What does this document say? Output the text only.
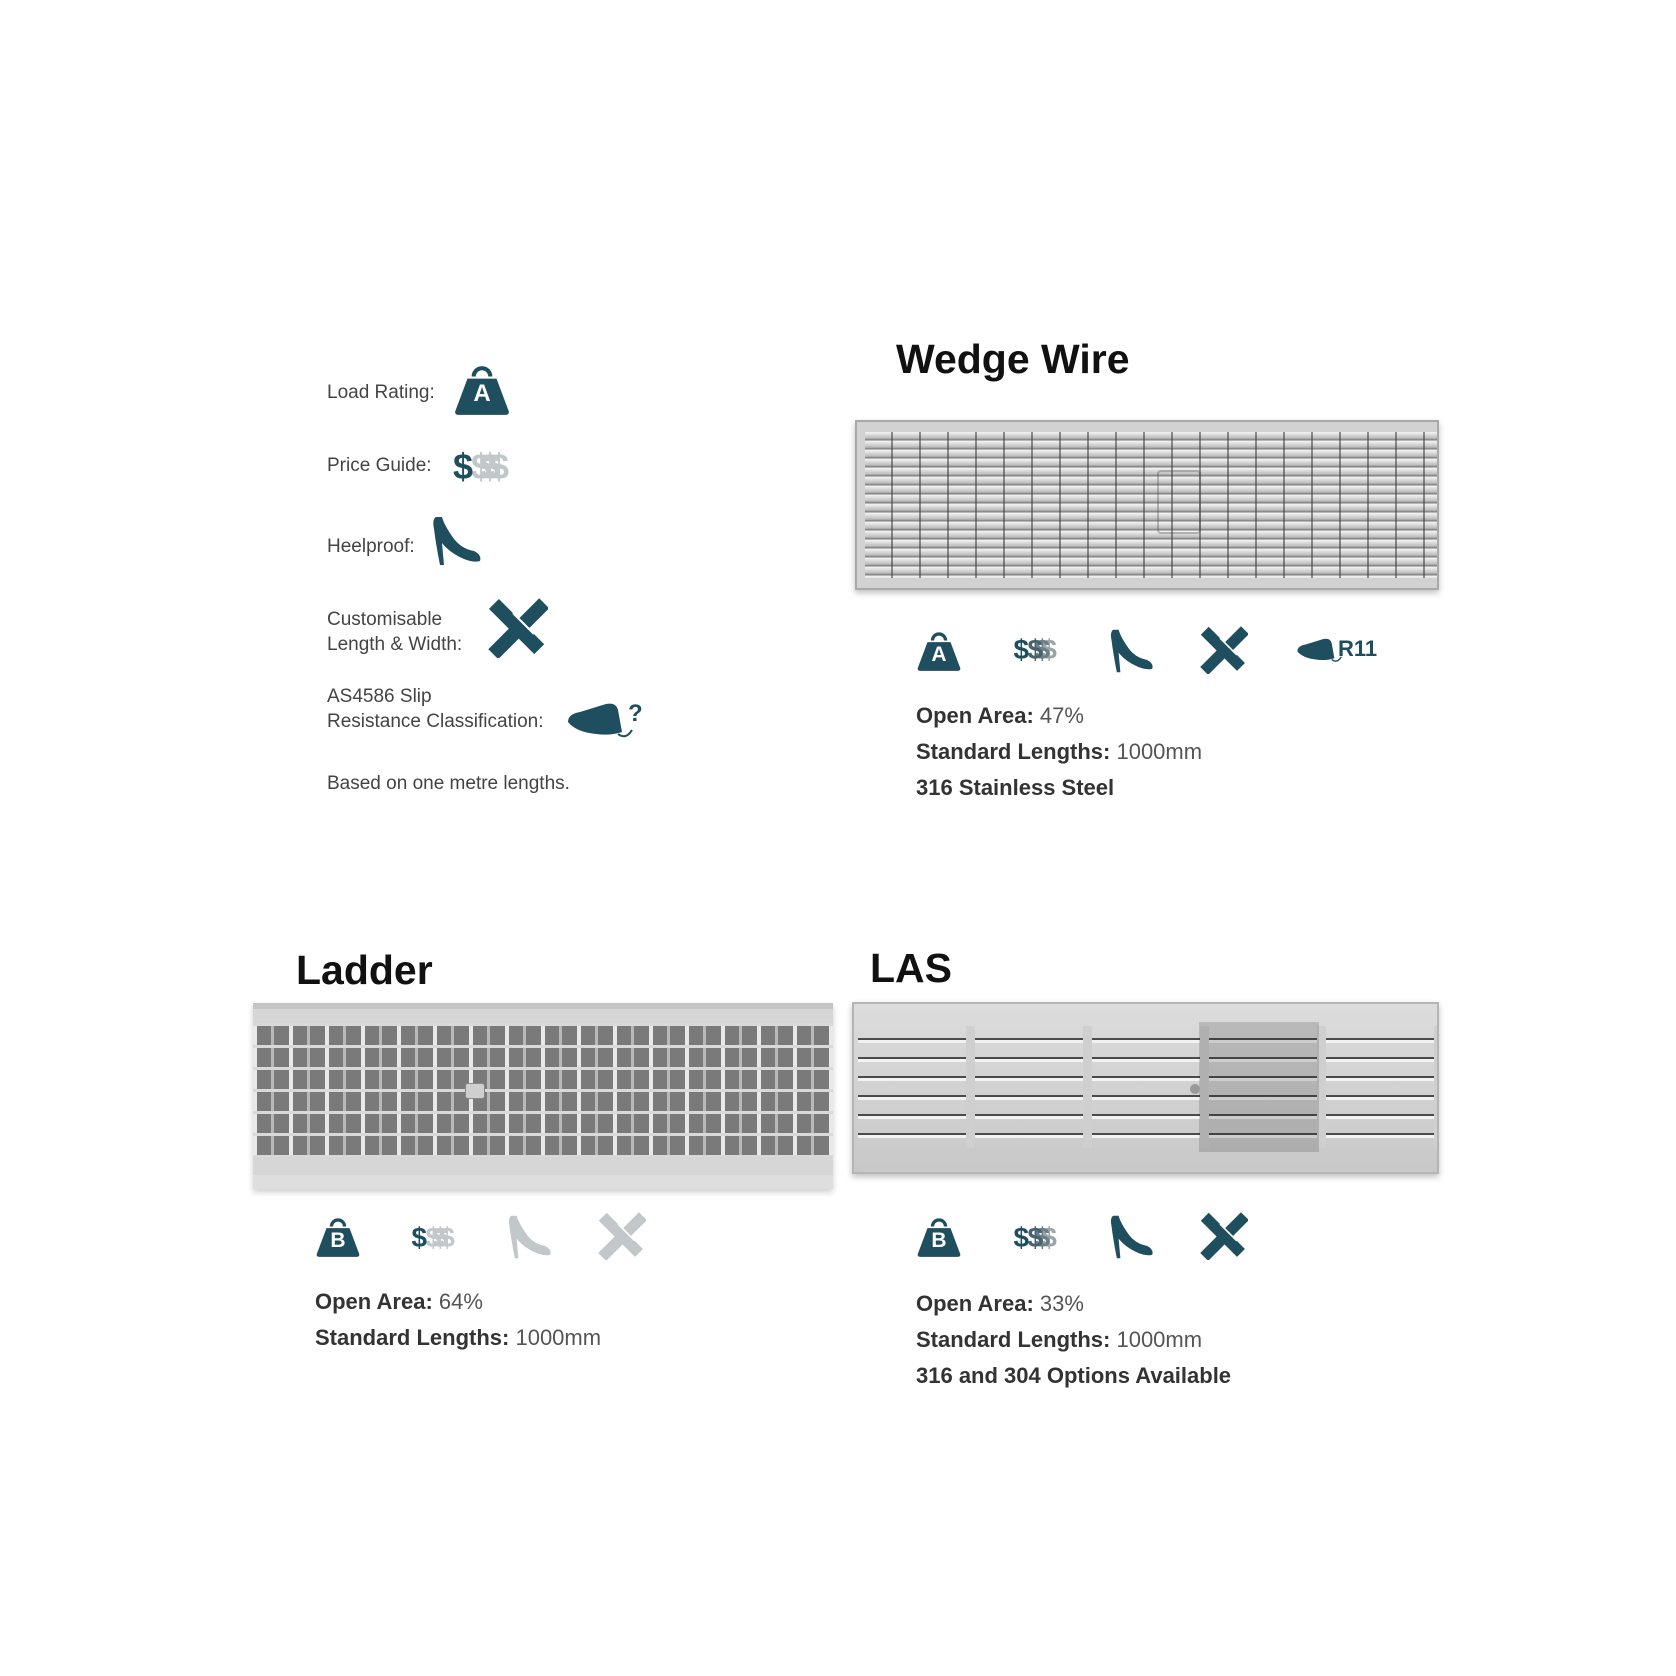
Load Rating:	A
Price Guide:
Heelproof:
Customisable
Length & Width:
AS4586 Slip
Resistance Classification:	?
Based on one metre lengths.
Wedge Wire
A	R11
Open Area: 47%
Standard Lengths: 1000mm
316 Stainless Steel
Ladder
B
Open Area: 64%
Standard Lengths: 1000mm
LAS
B
Open Area: 33%
Standard Lengths: 1000mm
316 and 304 Options Available
